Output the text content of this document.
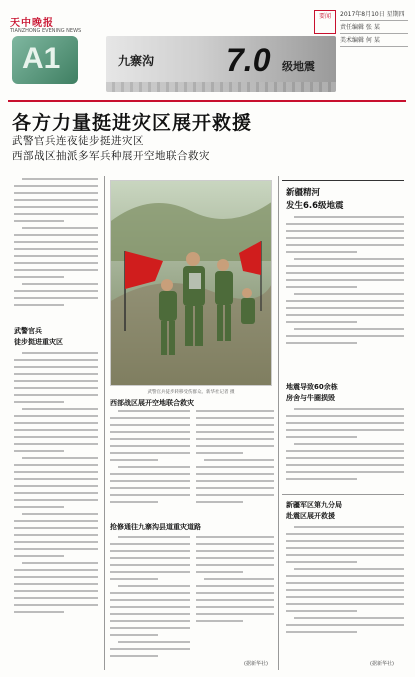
天中晚报
TIANZHONG EVENING NEWS
A1	九寨沟 7.0 级地震
要闻	2017年8月10日 星期四
责任编辑 张 某
美术编辑 何 某
各方力量挺进灾区展开救援
武警官兵连夜徒步挺进灾区
西部战区抽派多军兵种展开空地联合救灾
武警官兵
徒步挺进重灾区
武警官兵徒步转移受伤群众。新华社记者 摄
西部战区展开空地联合救灾
抢修通往九寨沟县道重灾道路
(据新华社)
新疆精河
发生6.6级地震
地震导致60余栋
房舍与牛圈损毁
新疆军区第九分局
赴震区展开救援
(据新华社)
